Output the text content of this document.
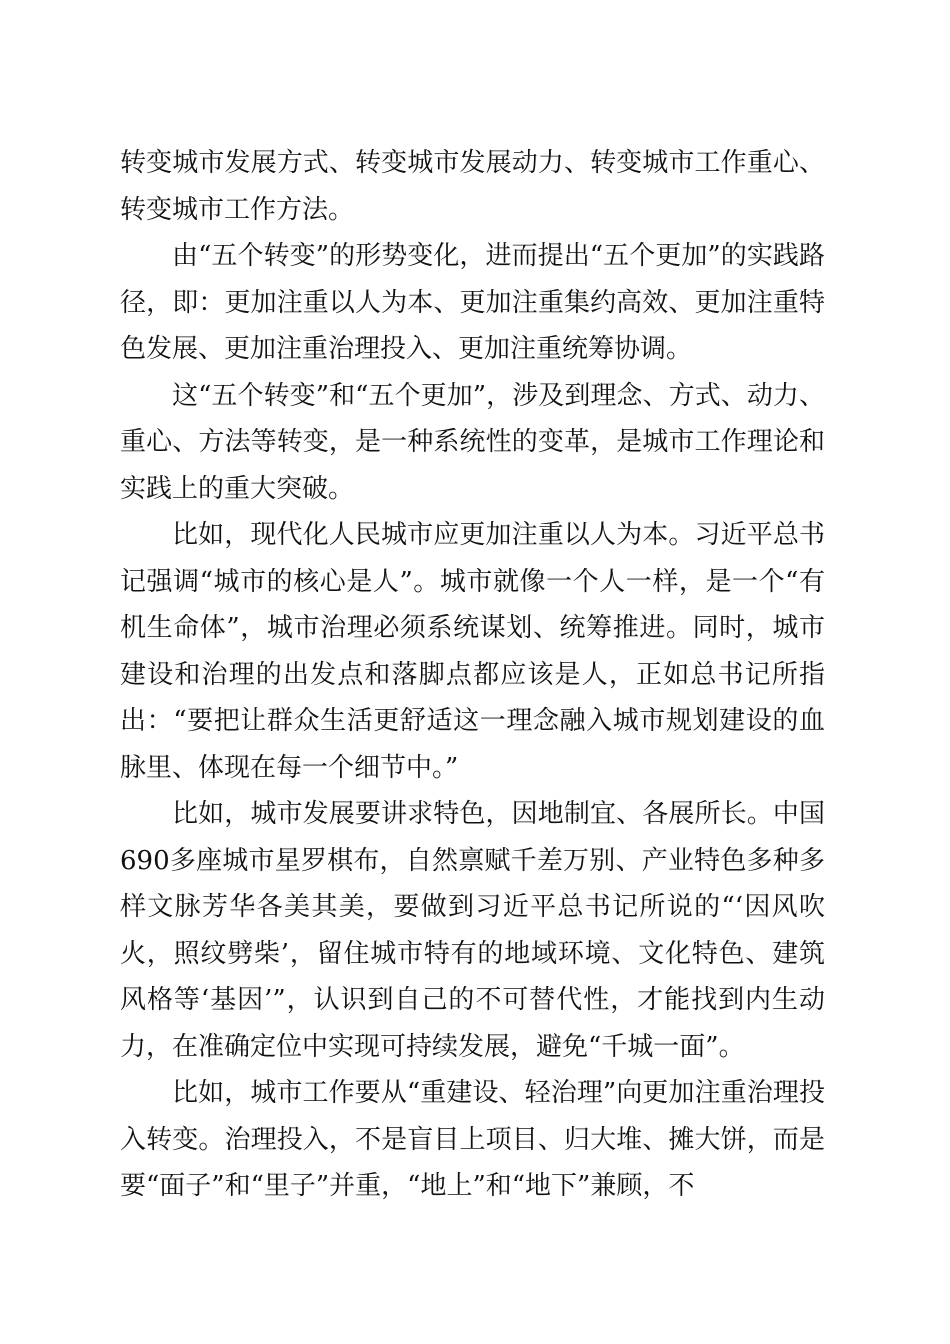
转变城市发展方式、转变城市发展动力、转变城市工作重心、转变城市工作方法。

由“五个转变”的形势变化，进而提出“五个更加”的实践路径，即：更加注重以人为本、更加注重集约高效、更加注重特色发展、更加注重治理投入、更加注重统筹协调。

这“五个转变”和“五个更加”，涉及到理念、方式、动力、重心、方法等转变，是一种系统性的变革，是城市工作理论和实践上的重大突破。

比如，现代化人民城市应更加注重以人为本。习近平总书记强调“城市的核心是人”。城市就像一个人一样，是一个“有机生命体”，城市治理必须系统谋划、统筹推进。同时，城市建设和治理的出发点和落脚点都应该是人，正如总书记所指出：“要把让群众生活更舒适这一理念融入城市规划建设的血脉里、体现在每一个细节中。”

比如，城市发展要讲求特色，因地制宜、各展所长。中国690多座城市星罗棋布，自然禀赋千差万别、产业特色多种多样文脉芳华各美其美，要做到习近平总书记所说的“‘因风吹火，照纹劈柴’，留住城市特有的地域环境、文化特色、建筑风格等‘基因’”，认识到自己的不可替代性，才能找到内生动力，在准确定位中实现可持续发展，避免“千城一面”。

比如，城市工作要从“重建设、轻治理”向更加注重治理投入转变。治理投入，不是盲目上项目、归大堆、摊大饼，而是要“面子”和“里子”并重，“地上”和“地下”兼顾，不
